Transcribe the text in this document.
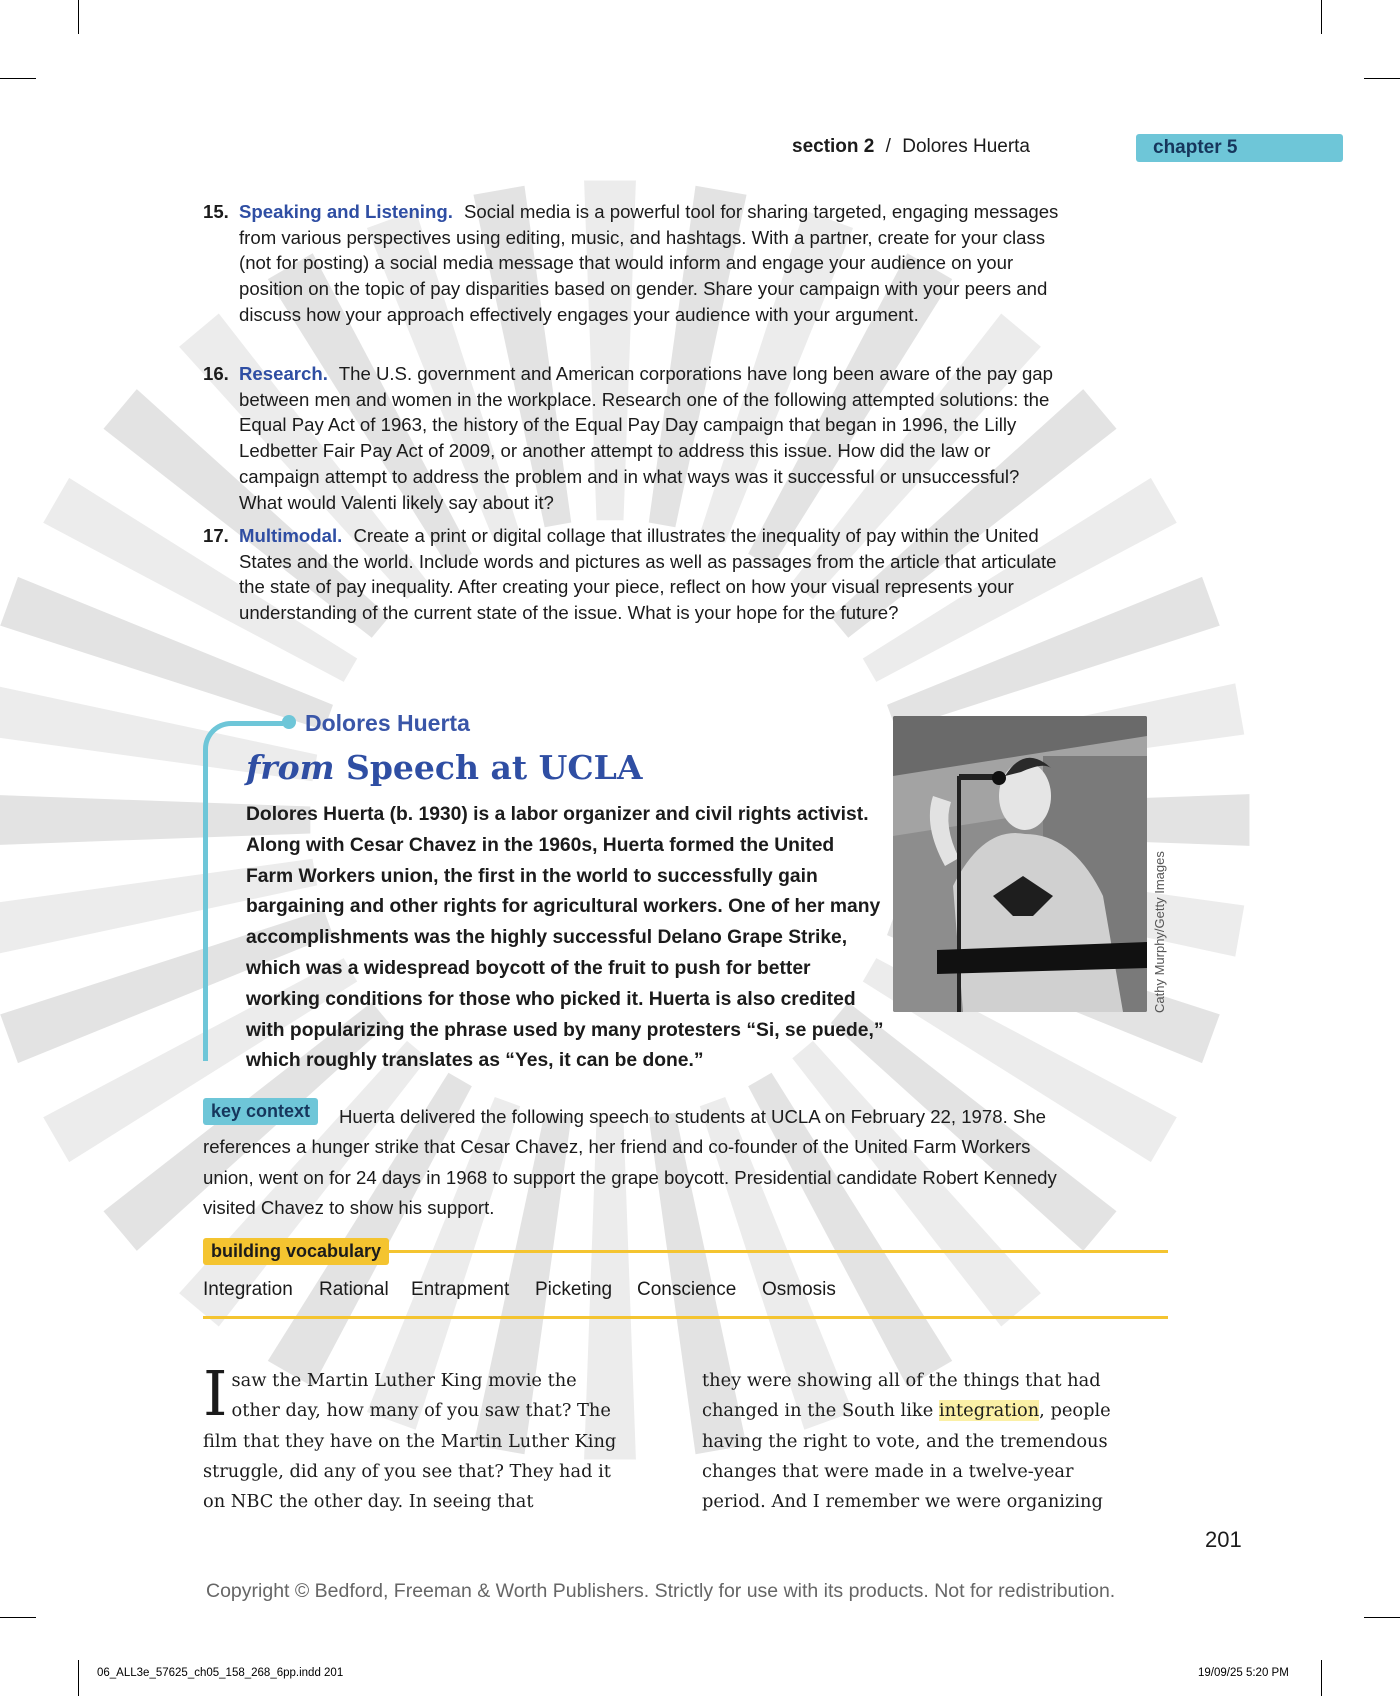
section 2 / Dolores Huerta	chapter 5
15. Speaking and Listening. Social media is a powerful tool for sharing targeted, engaging messages from various perspectives using editing, music, and hashtags. With a partner, create for your class (not for posting) a social media message that would inform and engage your audience on your position on the topic of pay disparities based on gender. Share your campaign with your peers and discuss how your approach effectively engages your audience with your argument.
16. Research. The U.S. government and American corporations have long been aware of the pay gap between men and women in the workplace. Research one of the following attempted solutions: the Equal Pay Act of 1963, the history of the Equal Pay Day campaign that began in 1996, the Lilly Ledbetter Fair Pay Act of 2009, or another attempt to address this issue. How did the law or campaign attempt to address the problem and in what ways was it successful or unsuccessful? What would Valenti likely say about it?
17. Multimodal. Create a print or digital collage that illustrates the inequality of pay within the United States and the world. Include words and pictures as well as passages from the article that articulate the state of pay inequality. After creating your piece, reflect on how your visual represents your understanding of the current state of the issue. What is your hope for the future?
Dolores Huerta
from Speech at UCLA
Dolores Huerta (b. 1930) is a labor organizer and civil rights activist. Along with Cesar Chavez in the 1960s, Huerta formed the United Farm Workers union, the first in the world to successfully gain bargaining and other rights for agricultural workers. One of her many accomplishments was the highly successful Delano Grape Strike, which was a widespread boycott of the fruit to push for better working conditions for those who picked it. Huerta is also credited with popularizing the phrase used by many protesters “Si, se puede,” which roughly translates as “Yes, it can be done.”
Cathy Murphy/Getty Images
Huerta delivered the following speech to students at UCLA on February 22, 1978. She references a hunger strike that Cesar Chavez, her friend and co-founder of the United Farm Workers union, went on for 24 days in 1968 to support the grape boycott. Presidential candidate Robert Kennedy visited Chavez to show his support.
key context
building vocabulary
Integration Rational Entrapment Picketing Conscience Osmosis
Isaw the Martin Luther King movie the other day, how many of you saw that? The film that they have on the Martin Luther King struggle, did any of you see that? They had it on NBC the other day. In seeing that
they were showing all of the things that had changed in the South like integration, people having the right to vote, and the tremendous changes that were made in a twelve-year period. And I remember we were organizing
201
Copyright © Bedford, Freeman & Worth Publishers. Strictly for use with its products. Not for redistribution.
06_ALL3e_57625_ch05_158_268_6pp.indd 201	19/09/25 5:20 PM
